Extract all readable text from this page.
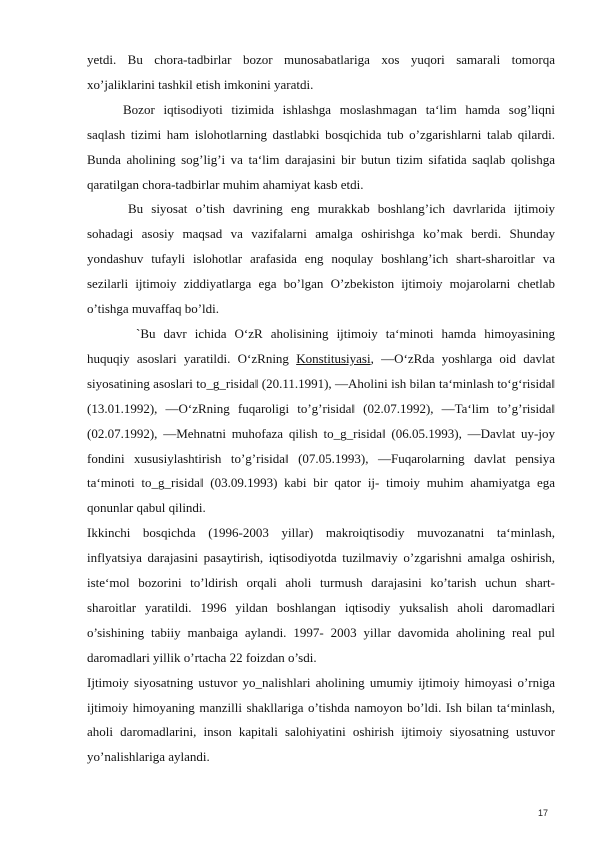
yetdi. Bu chora-tadbirlar bozor munosabatlariga xos yuqori samarali tomorqa xo’jaliklarini tashkil etish imkonini yaratdi.

Bozor iqtisodiyoti tizimida ishlashga moslashmagan ta‘lim hamda sog’liqni saqlash tizimi ham islohotlarning dastlabki bosqichida tub o’zgarishlarni talab qilardi. Bunda aholining sog’lig’i va ta‘lim darajasini bir butun tizim sifatida saqlab qolishga qaratilgan chora-tadbirlar muhim ahamiyat kasb etdi.

Bu siyosat o’tish davrining eng murakkab boshlang’ich davrlarida ijtimoiy sohadagi asosiy maqsad va vazifalarni amalga oshirishga ko’mak berdi. Shunday yondashuv tufayli islohotlar arafasida eng noqulay boshlang’ich shart-sharoitlar va sezilarli ijtimoiy ziddiyatlarga ega bo’lgan O’zbekiston ijtimoiy mojarolarni chetlab o’tishga muvaffaq bo’ldi.

`Bu davr ichida O‘zR aholisining ijtimoiy ta‘minoti hamda himoyasining huquqiy asoslari yaratildi. O‘zRning Konstitusiyasi, ―O‘zRda yoshlarga oid davlat siyosatining asoslari to_g_risida‖ (20.11.1991), ―Aholini ish bilan ta‘minlash to‘g‘risida‖ (13.01.1992), ―O‘zRning fuqaroligi to’g’risida‖ (02.07.1992), ―Ta‘lim to’g’risida‖ (02.07.1992), ―Mehnatni muhofaza qilish to_g_risida‖ (06.05.1993), ―Davlat uy-joy fondini xususiylashtirish to’g’risida‖ (07.05.1993), ―Fuqarolarning davlat pensiya ta‘minoti to_g_risida‖ (03.09.1993) kabi bir qator ij- timoiy muhim ahamiyatga ega qonunlar qabul qilindi.

Ikkinchi bosqichda (1996-2003 yillar) makroiqtisodiy muvozanatni ta‘minlash, inflyatsiya darajasini pasaytirish, iqtisodiyotda tuzilmaviy o’zgarishni amalga oshirish, iste‘mol bozorini to’ldirish orqali aholi turmush darajasini ko’tarish uchun shart-sharoitlar yaratildi. 1996 yildan boshlangan iqtisodiy yuksalish aholi daromadlari o’sishining tabiiy manbaiga aylandi. 1997- 2003 yillar davomida aholining real pul daromadlari yillik o’rtacha 22 foizdan o’sdi.

Ijtimoiy siyosatning ustuvor yo_nalishlari aholining umumiy ijtimoiy himoyasi o’rniga ijtimoiy himoyaning manzilli shakllariga o’tishda namoyon bo’ldi. Ish bilan ta‘minlash, aholi daromadlarini, inson kapitali salohiyatini oshirish ijtimoiy siyosatning ustuvor yo’nalishlariga aylandi.

17
